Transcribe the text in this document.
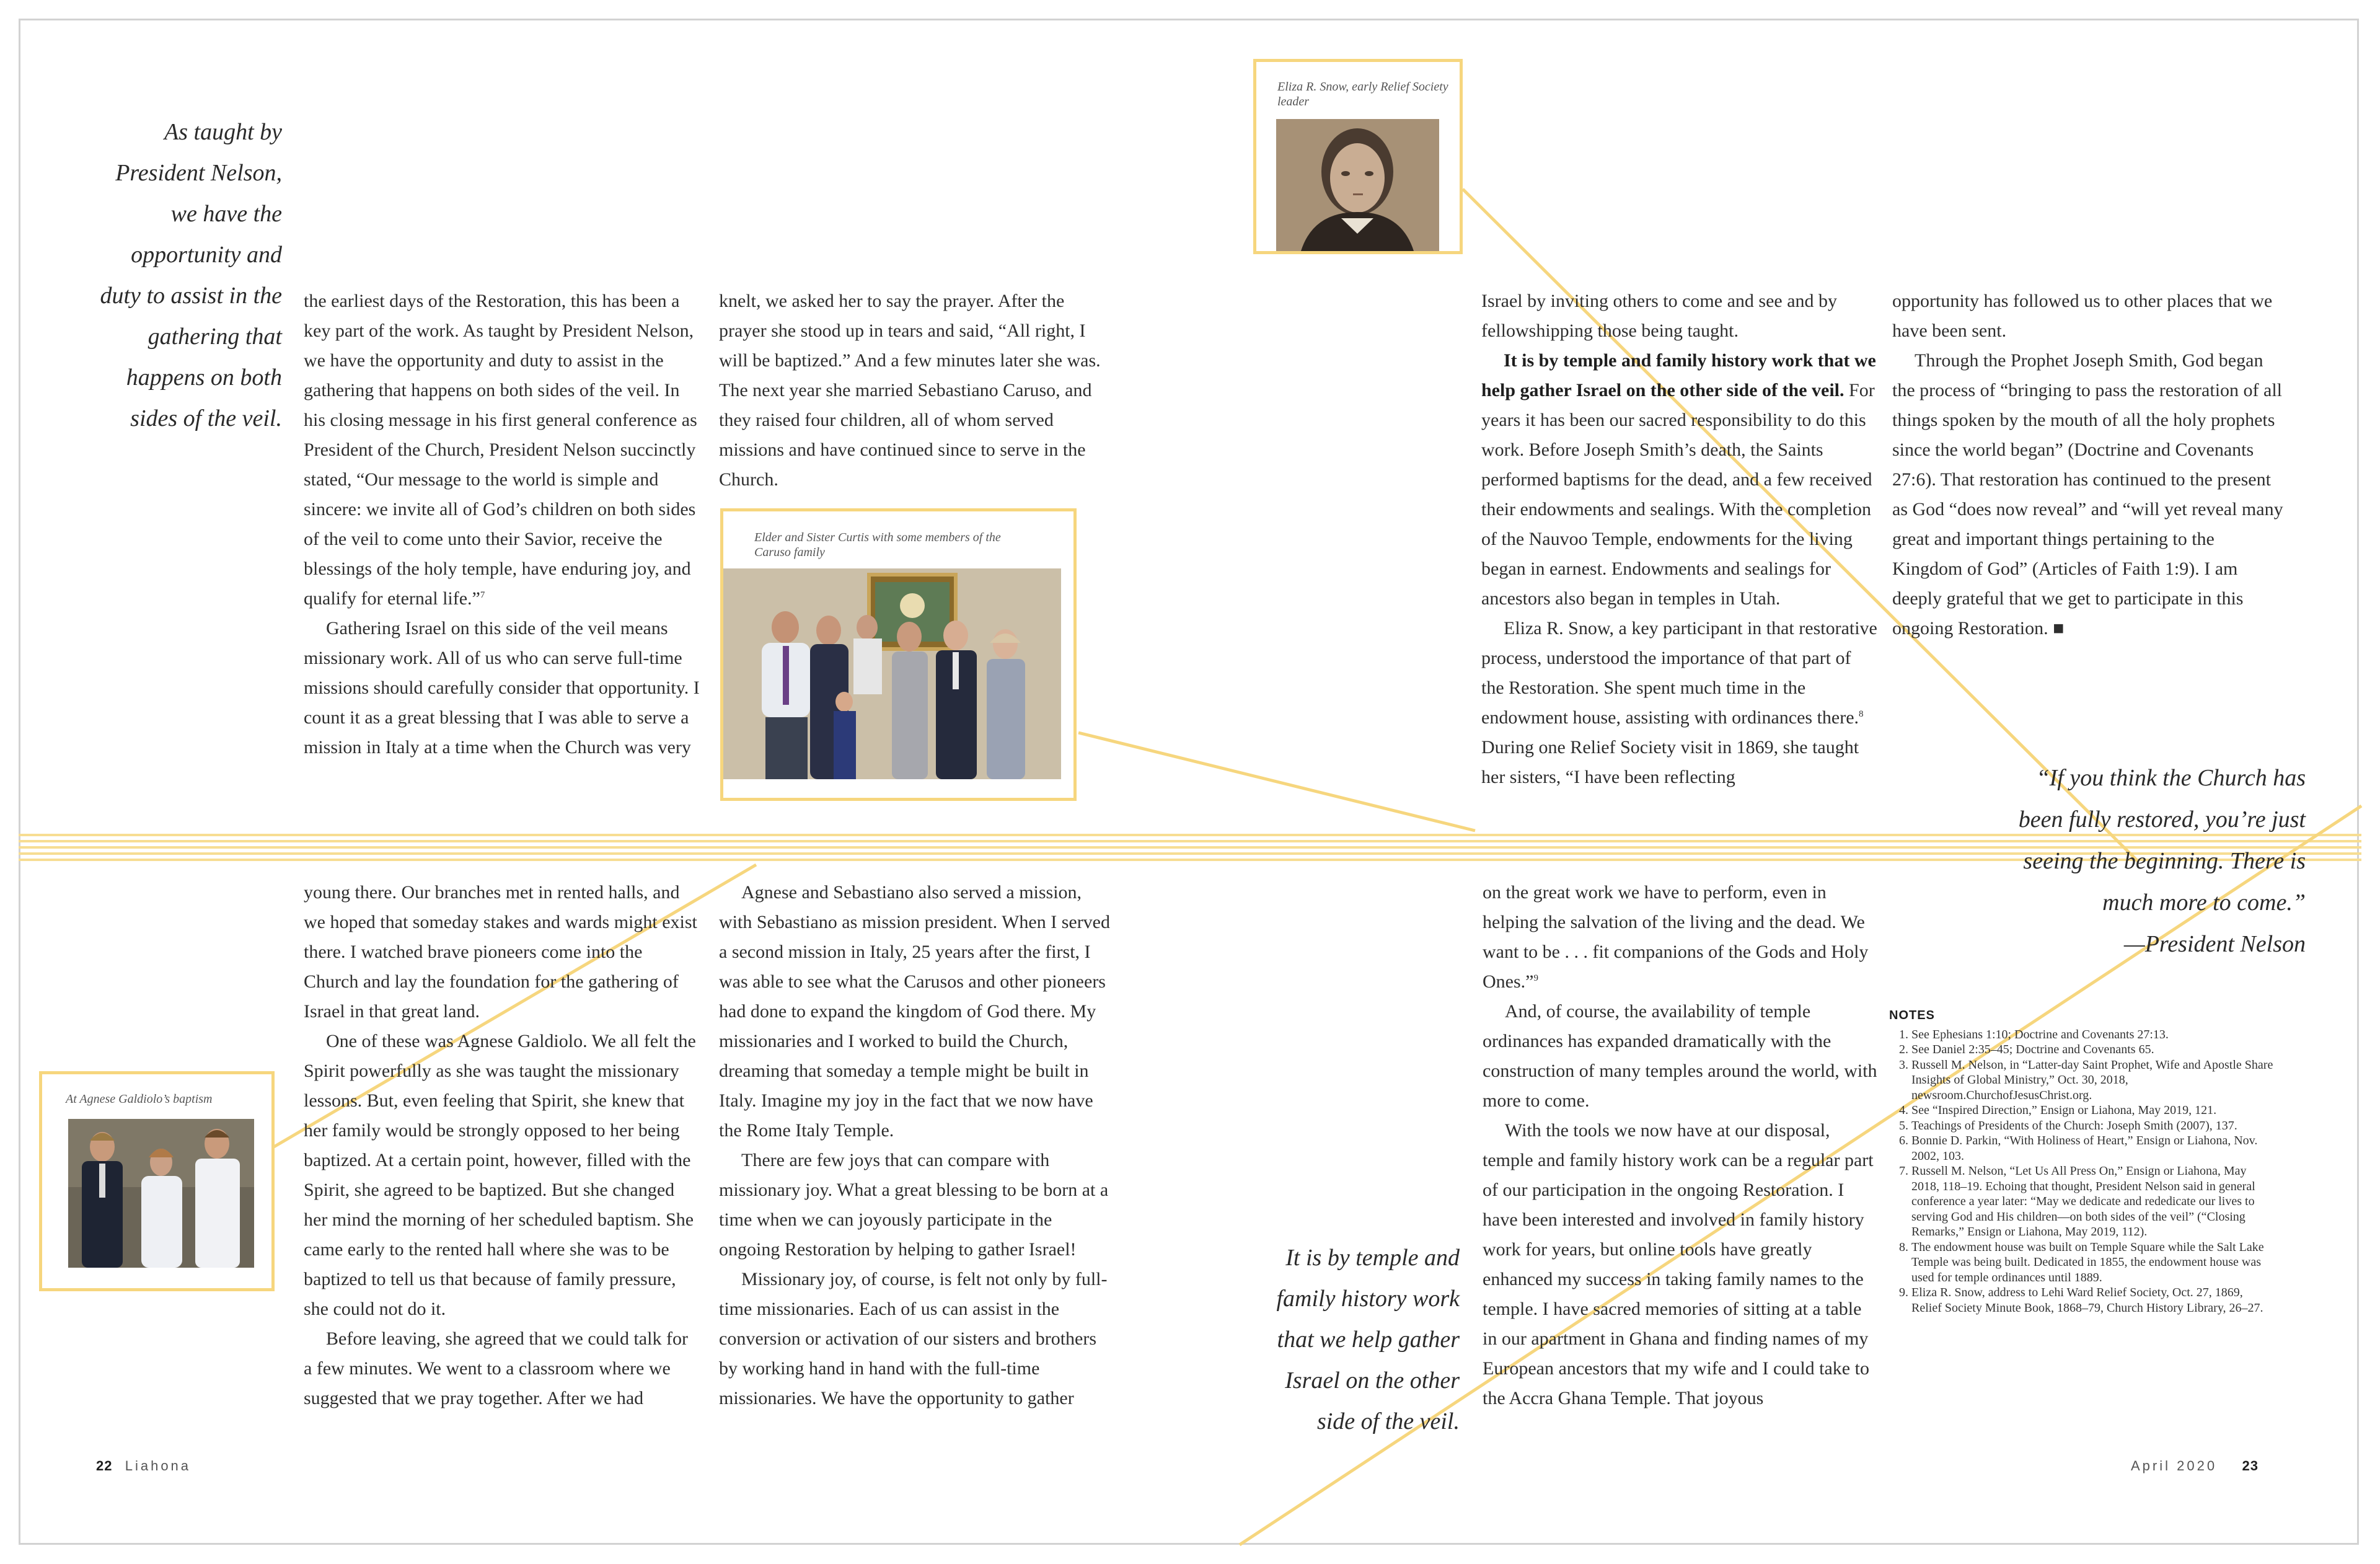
As taught by
President Nelson,
we have the
opportunity and
duty to assist in the
gathering that
happens on both
sides of the veil.

the earliest days of the Restoration, this has been a key part of the work. As taught by President Nelson, we have the opportunity and duty to assist in the gathering that happens on both sides of the veil. In his closing message in his first general conference as President of the Church, President Nelson succinctly stated, “Our message to the world is simple and sincere: we invite all of God’s children on both sides of the veil to come unto their Savior, receive the blessings of the holy temple, have enduring joy, and qualify for eternal life.”$^7$

Gathering Israel on this side of the veil means missionary work. All of us who can serve full-time missions should carefully consider that opportunity. I count it as a great blessing that I was able to serve a mission in Italy at a time when the Church was very

knelt, we asked her to say the prayer. After the prayer she stood up in tears and said, “All right, I will be baptized.” And a few minutes later she was. The next year she married Sebastiano Caruso, and they raised four children, all of whom served missions and have continued since to serve in the Church.

Elder and Sister Curtis with some members of the Caruso family
Eliza R. Snow, early Relief Society leader

Israel by inviting others to come and see and by fellowshipping those being taught.

It is by temple and family history work that we help gather Israel on the other side of the veil. For years it has been our sacred responsibility to do this work. Before Joseph Smith’s death, the Saints performed baptisms for the dead, and a few received their endowments and sealings. With the completion of the Nauvoo Temple, endowments for the living began in earnest. Endowments and sealings for ancestors also began in temples in Utah.

Eliza R. Snow, a key participant in that restorative process, understood the importance of that part of the Restoration. She spent much time in the endowment house, assisting with ordinances there.$^8$ During one Relief Society visit in 1869, she taught her sisters, “I have been reflecting

opportunity has followed us to other places that we have been sent.

Through the Prophet Joseph Smith, God began the process of “bringing to pass the restoration of all things spoken by the mouth of all the holy prophets since the world began” (Doctrine and Covenants 27:6). That restoration has continued to the present as God “does now reveal” and “will yet reveal many great and important things pertaining to the Kingdom of God” (Articles of Faith 1:9). I am deeply grateful that we get to participate in this ongoing Restoration. ■

“If you think the Church has
been fully restored, you’re just
seeing the beginning. There is
much more to come.”
—President Nelson
At Agnese Galdiolo’s baptism

young there. Our branches met in rented halls, and we hoped that someday stakes and wards might exist there. I watched brave pioneers come into the Church and lay the foundation for the gathering of Israel in that great land.

One of these was Agnese Galdiolo. We all felt the Spirit powerfully as she was taught the missionary lessons. But, even feeling that Spirit, she knew that her family would be strongly opposed to her being baptized. At a certain point, however, filled with the Spirit, she agreed to be baptized. But she changed her mind the morning of her scheduled baptism. She came early to the rented hall where she was to be baptized to tell us that because of family pressure, she could not do it.

Before leaving, she agreed that we could talk for a few minutes. We went to a classroom where we suggested that we pray together. After we had

Agnese and Sebastiano also served a mission, with Sebastiano as mission president. When I served a second mission in Italy, 25 years after the first, I was able to see what the Carusos and other pioneers had done to expand the kingdom of God there. My missionaries and I worked to build the Church, dreaming that someday a temple might be built in Italy. Imagine my joy in the fact that we now have the Rome Italy Temple.

There are few joys that can compare with missionary joy. What a great blessing to be born at a time when we can joyously participate in the ongoing Restoration by helping to gather Israel!

Missionary joy, of course, is felt not only by full-time missionaries. Each of us can assist in the conversion or activation of our sisters and brothers by working hand in hand with the full-time missionaries. We have the opportunity to gather

It is by temple and
family history work
that we help gather
Israel on the other
side of the veil.

on the great work we have to perform, even in helping the salvation of the living and the dead. We want to be . . . fit companions of the Gods and Holy Ones.”$^9$

And, of course, the availability of temple ordinances has expanded dramatically with the construction of many temples around the world, with more to come.

With the tools we now have at our disposal, temple and family history work can be a regular part of our participation in the ongoing Restoration. I have been interested and involved in family history work for years, but online tools have greatly enhanced my success in taking family names to the temple. I have sacred memories of sitting at a table in our apartment in Ghana and finding names of my European ancestors that my wife and I could take to the Accra Ghana Temple. That joyous

NOTES
1. See Ephesians 1:10; Doctrine and Covenants 27:13.
2. See Daniel 2:35–45; Doctrine and Covenants 65.
3. Russell M. Nelson, in “Latter-day Saint Prophet, Wife and Apostle Share Insights of Global Ministry,” Oct. 30, 2018, newsroom.ChurchofJesusChrist.org.
4. See “Inspired Direction,” Ensign or Liahona, May 2019, 121.
5. Teachings of Presidents of the Church: Joseph Smith (2007), 137.
6. Bonnie D. Parkin, “With Holiness of Heart,” Ensign or Liahona, Nov. 2002, 103.
7. Russell M. Nelson, “Let Us All Press On,” Ensign or Liahona, May 2018, 118–19. Echoing that thought, President Nelson said in general conference a year later: “May we dedicate and rededicate our lives to serving God and His children—on both sides of the veil” (“Closing Remarks,” Ensign or Liahona, May 2019, 112).
8. The endowment house was built on Temple Square while the Salt Lake Temple was being built. Dedicated in 1855, the endowment house was used for temple ordinances until 1889.
9. Eliza R. Snow, address to Lehi Ward Relief Society, Oct. 27, 1869, Relief Society Minute Book, 1868–79, Church History Library, 26–27.
22 Liahona	April 2020 23
